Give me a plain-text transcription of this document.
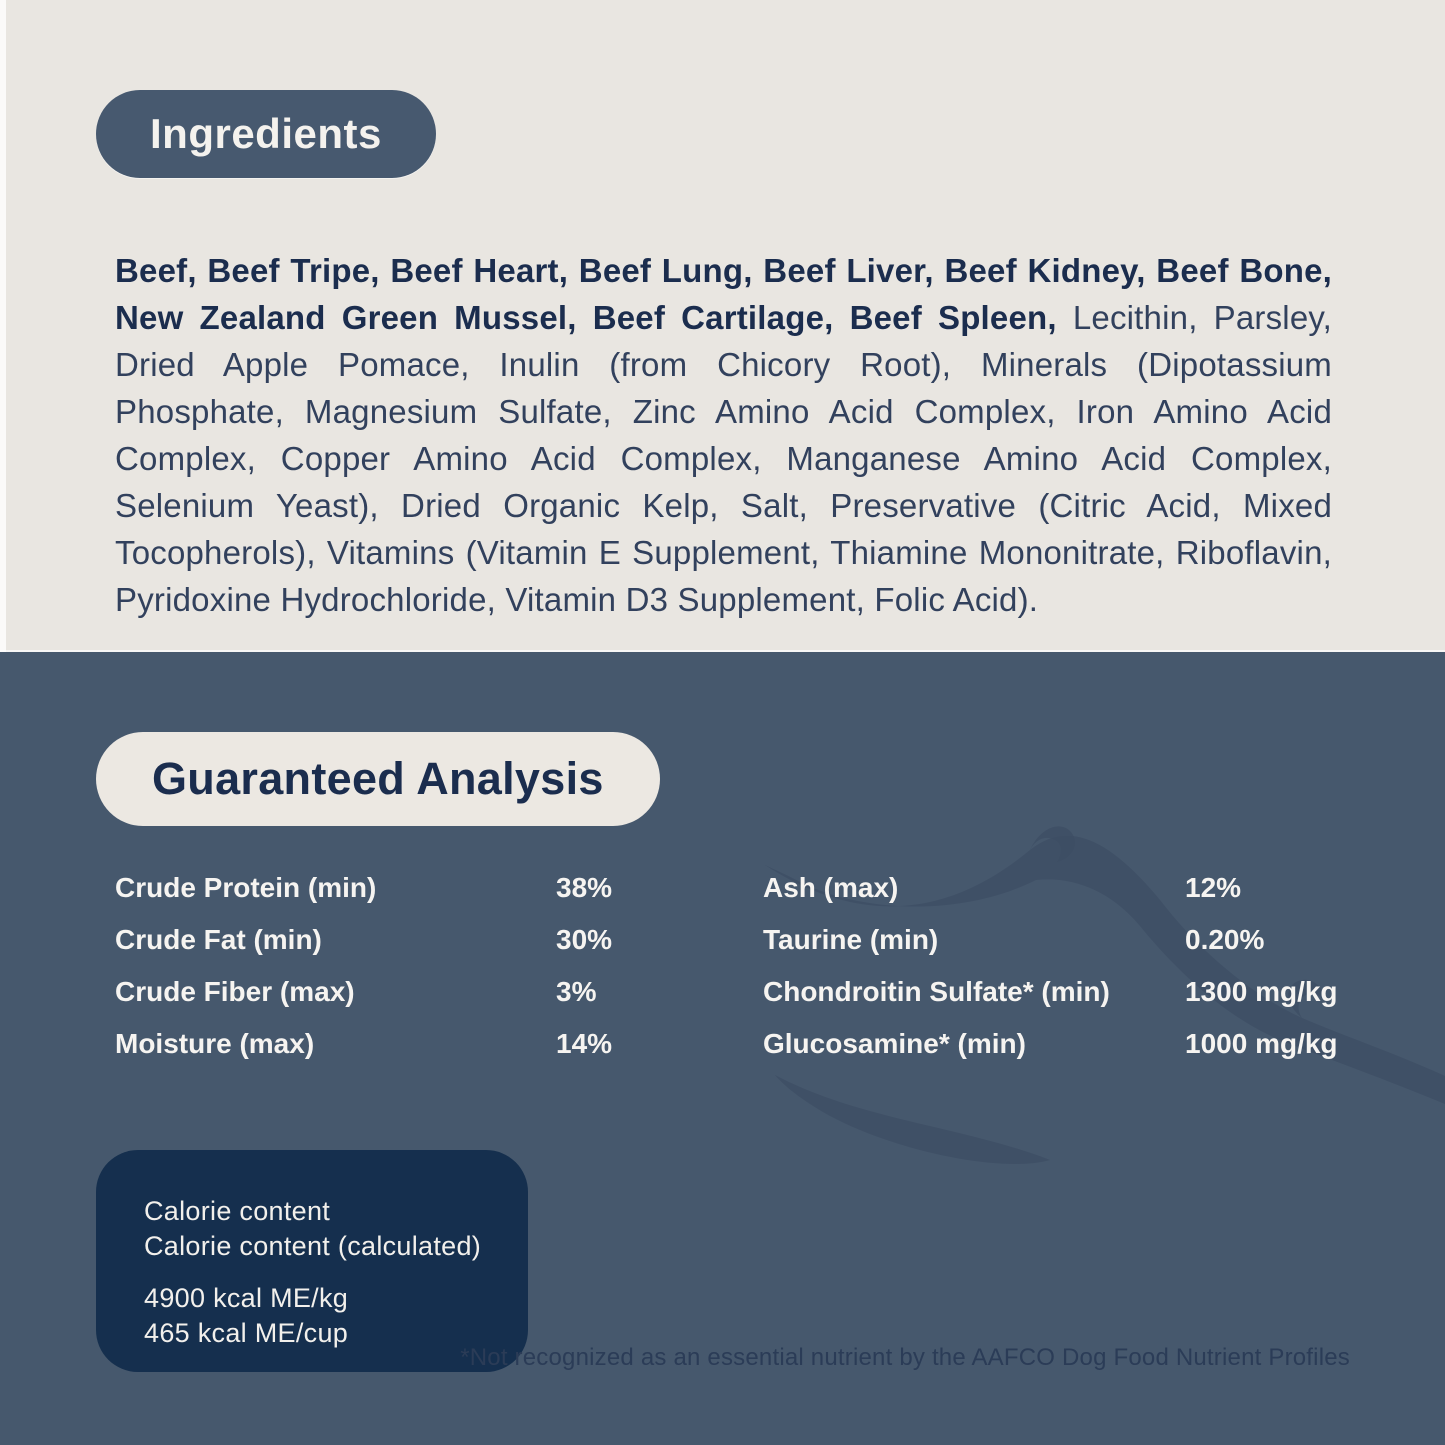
Ingredients

Beef, Beef Tripe, Beef Heart, Beef Lung, Beef Liver, Beef Kidney, Beef Bone, New Zealand Green Mussel, Beef Cartilage, Beef Spleen, Lecithin, Parsley, Dried Apple Pomace, Inulin (from Chicory Root), Minerals (Dipotassium Phosphate, Magnesium Sulfate, Zinc Amino Acid Complex, Iron Amino Acid Complex, Copper Amino Acid Complex, Manganese Amino Acid Complex, Selenium Yeast), Dried Organic Kelp, Salt, Preservative (Citric Acid, Mixed Tocopherols), Vitamins (Vitamin E Supplement, Thiamine Mononitrate, Riboflavin, Pyridoxine Hydrochloride, Vitamin D3 Supplement, Folic Acid).

Guaranteed Analysis
Crude Protein (min)	38%
Crude Fat (min)	30%
Crude Fiber (max)	3%
Moisture (max)	14%
Ash (max)	12%
Taurine (min)	0.20%
Chondroitin Sulfate* (min)	1300 mg/kg
Glucosamine* (min)	1000 mg/kg
Calorie content
Calorie content (calculated)
4900 kcal ME/kg
465 kcal ME/cup
*Not recognized as an essential nutrient by the AAFCO Dog Food Nutrient Profiles
